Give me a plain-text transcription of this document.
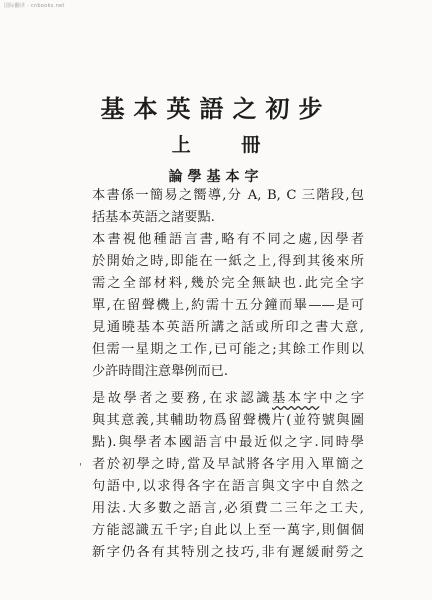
国际翻译 · cnbooks.net
基本英語之初步
上 冊
論學基本字
本書係一簡易之嚮導,分 A, B, C 三階段,包
括基本英語之諸要點.
本書視他種語言書,略有不同之處,因學者
於開始之時,即能在一紙之上,得到其後來所
需之全部材料,幾於完全無缺也.此完全字
單,在留聲機上,約需十五分鐘而畢——是可
見通曉基本英語所講之話或所印之書大意,
但需一星期之工作,已可能之;其餘工作則以
少許時間注意舉例而已.
是故學者之要務,在求認識基本字中之字
與其意義,其輔助物爲留聲機片(並符號與圖
點).與學者本國語言中最近似之字.同時學
者於初學之時,當及早試將各字用入單簡之
句語中,以求得各字在語言與文字中自然之
用法.大多數之語言,必須費二三年之工夫,
方能認識五千字;自此以上至一萬字,則個個
新字仍各有其特別之技巧,非有遲緩耐勞之
'
